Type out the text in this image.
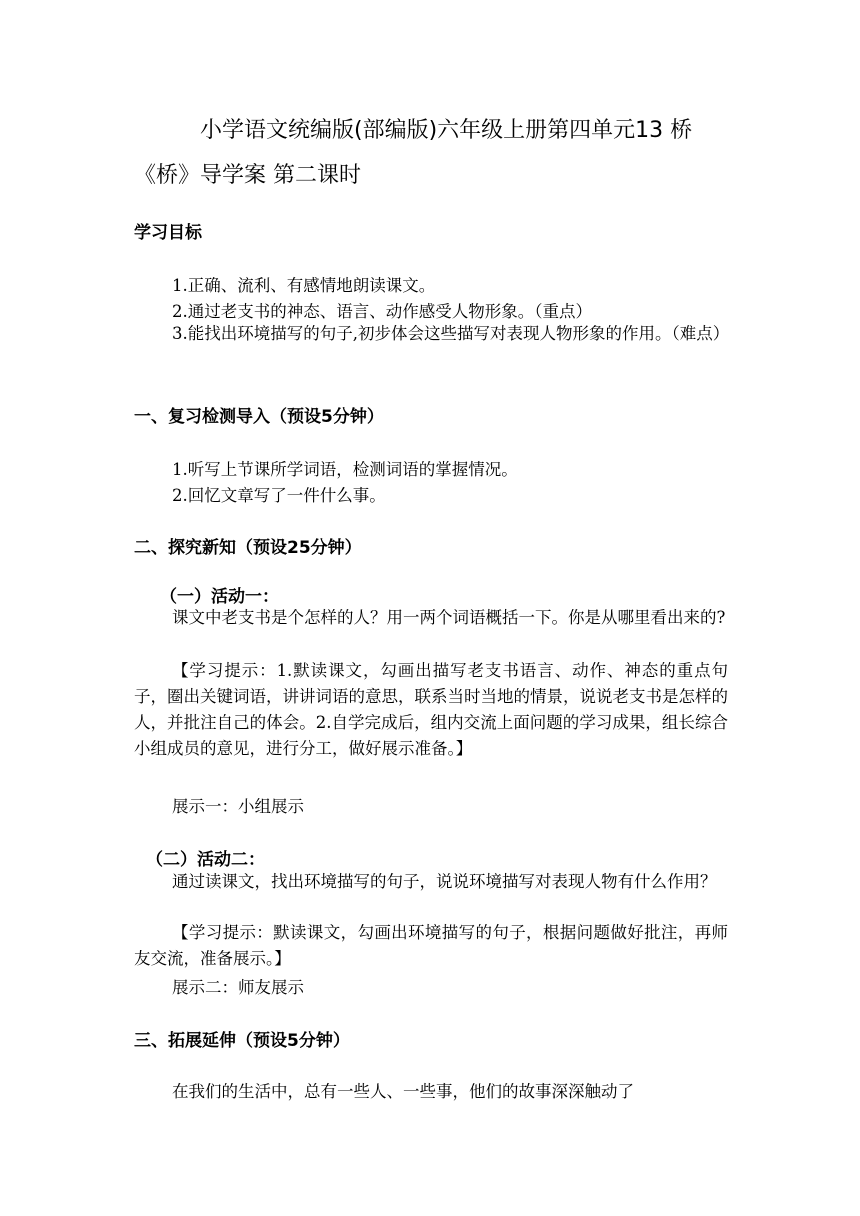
小学语文统编版(部编版)六年级上册第四单元13 桥
《桥》导学案 第二课时
学习目标
1.正确、流利、有感情地朗读课文。
2.通过老支书的神态、语言、动作感受人物形象。（重点）
3.能找出环境描写的句子,初步体会这些描写对表现人物形象的作用。（难点）
一、复习检测导入（预设5分钟）
1.听写上节课所学词语，检测词语的掌握情况。
2.回忆文章写了一件什么事。
二、探究新知（预设25分钟）
（一）活动一：
课文中老支书是个怎样的人？用一两个词语概括一下。你是从哪里看出来的?
【学习提示：1.默读课文，勾画出描写老支书语言、动作、神态的重点句子，圈出关键词语，讲讲词语的意思，联系当时当地的情景，说说老支书是怎样的人，并批注自己的体会。2.自学完成后，组内交流上面问题的学习成果，组长综合小组成员的意见，进行分工，做好展示准备。】
展示一：小组展示
（二）活动二：
通过读课文，找出环境描写的句子，说说环境描写对表现人物有什么作用？
【学习提示：默读课文，勾画出环境描写的句子，根据问题做好批注，再师友交流，准备展示。】
展示二：师友展示
三、拓展延伸（预设5分钟）
在我们的生活中，总有一些人、一些事，他们的故事深深触动了
